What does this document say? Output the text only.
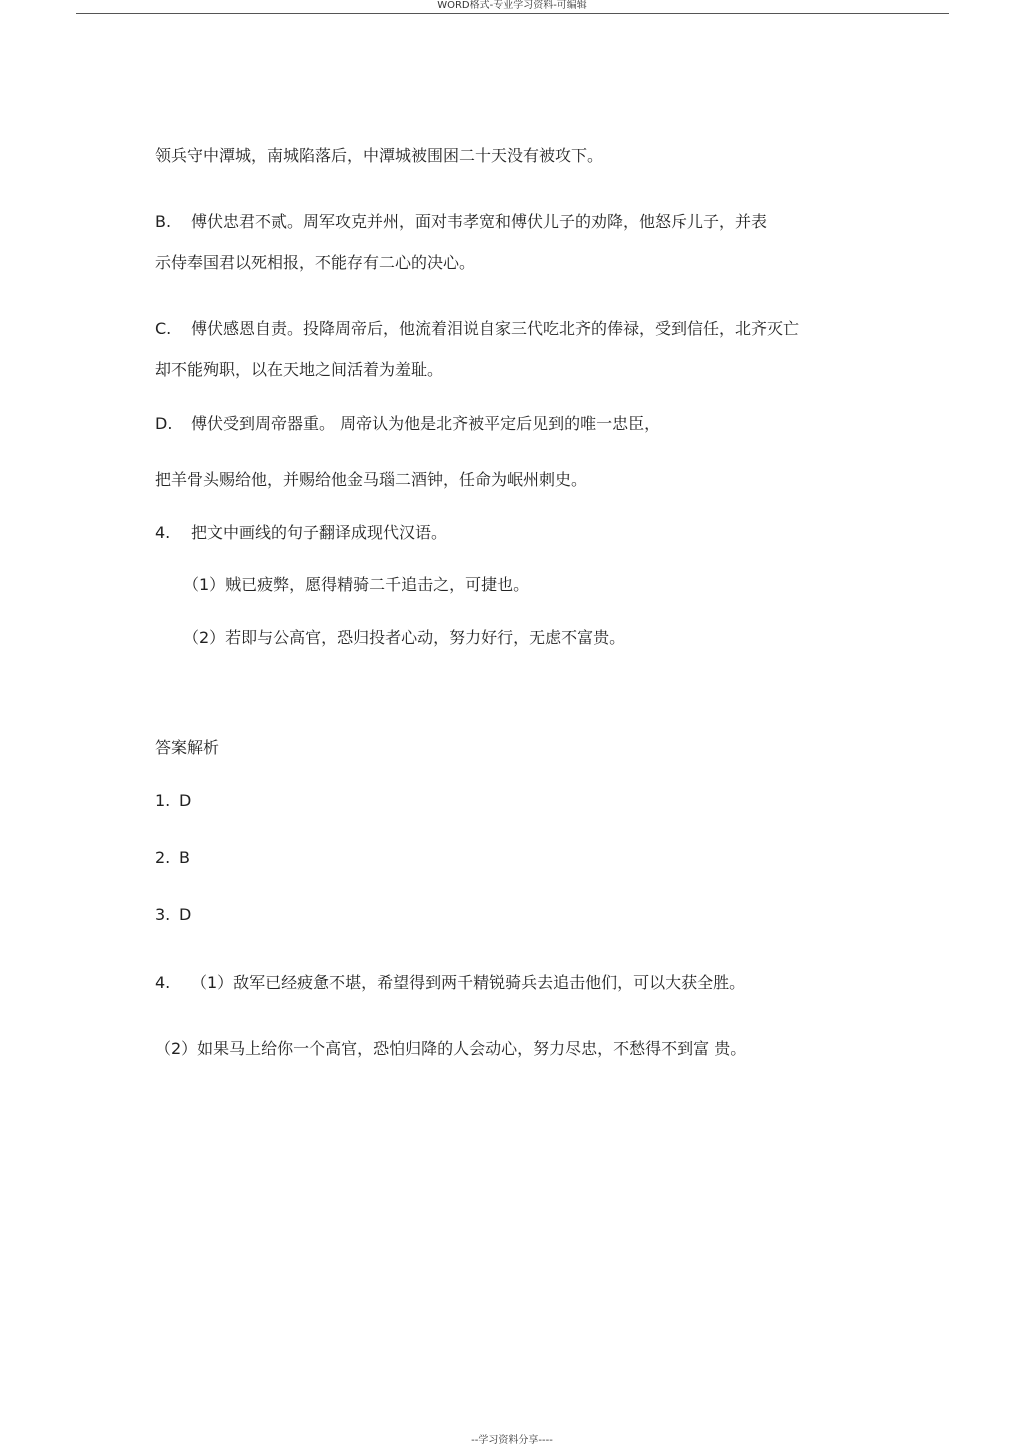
WORD格式-专业学习资料-可编辑
领兵守中潭城，南城陷落后，中潭城被围困二十天没有被攻下。
B. 傅伏忠君不贰。周军攻克并州，面对韦孝宽和傅伏儿子的劝降，他怒斥儿子，并表
示侍奉国君以死相报，不能存有二心的决心。
C. 傅伏感恩自责。投降周帝后，他流着泪说自家三代吃北齐的俸禄，受到信任，北齐灭亡
却不能殉职，以在天地之间活着为羞耻。
D. 傅伏受到周帝器重。 周帝认为他是北齐被平定后见到的唯一忠臣，
把羊骨头赐给他，并赐给他金马瑙二酒钟，任命为岷州刺史。
4. 把文中画线的句子翻译成现代汉语。
（1）贼已疲弊，愿得精骑二千追击之，可捷也。
（2）若即与公高官，恐归投者心动，努力好行，无虑不富贵。
答案解析
1. D
2. B
3. D
4. （1）敌军已经疲惫不堪，希望得到两千精锐骑兵去追击他们，可以大获全胜。
（2）如果马上给你一个高官，恐怕归降的人会动心，努力尽忠，不愁得不到富 贵。
--学习资料分享----
